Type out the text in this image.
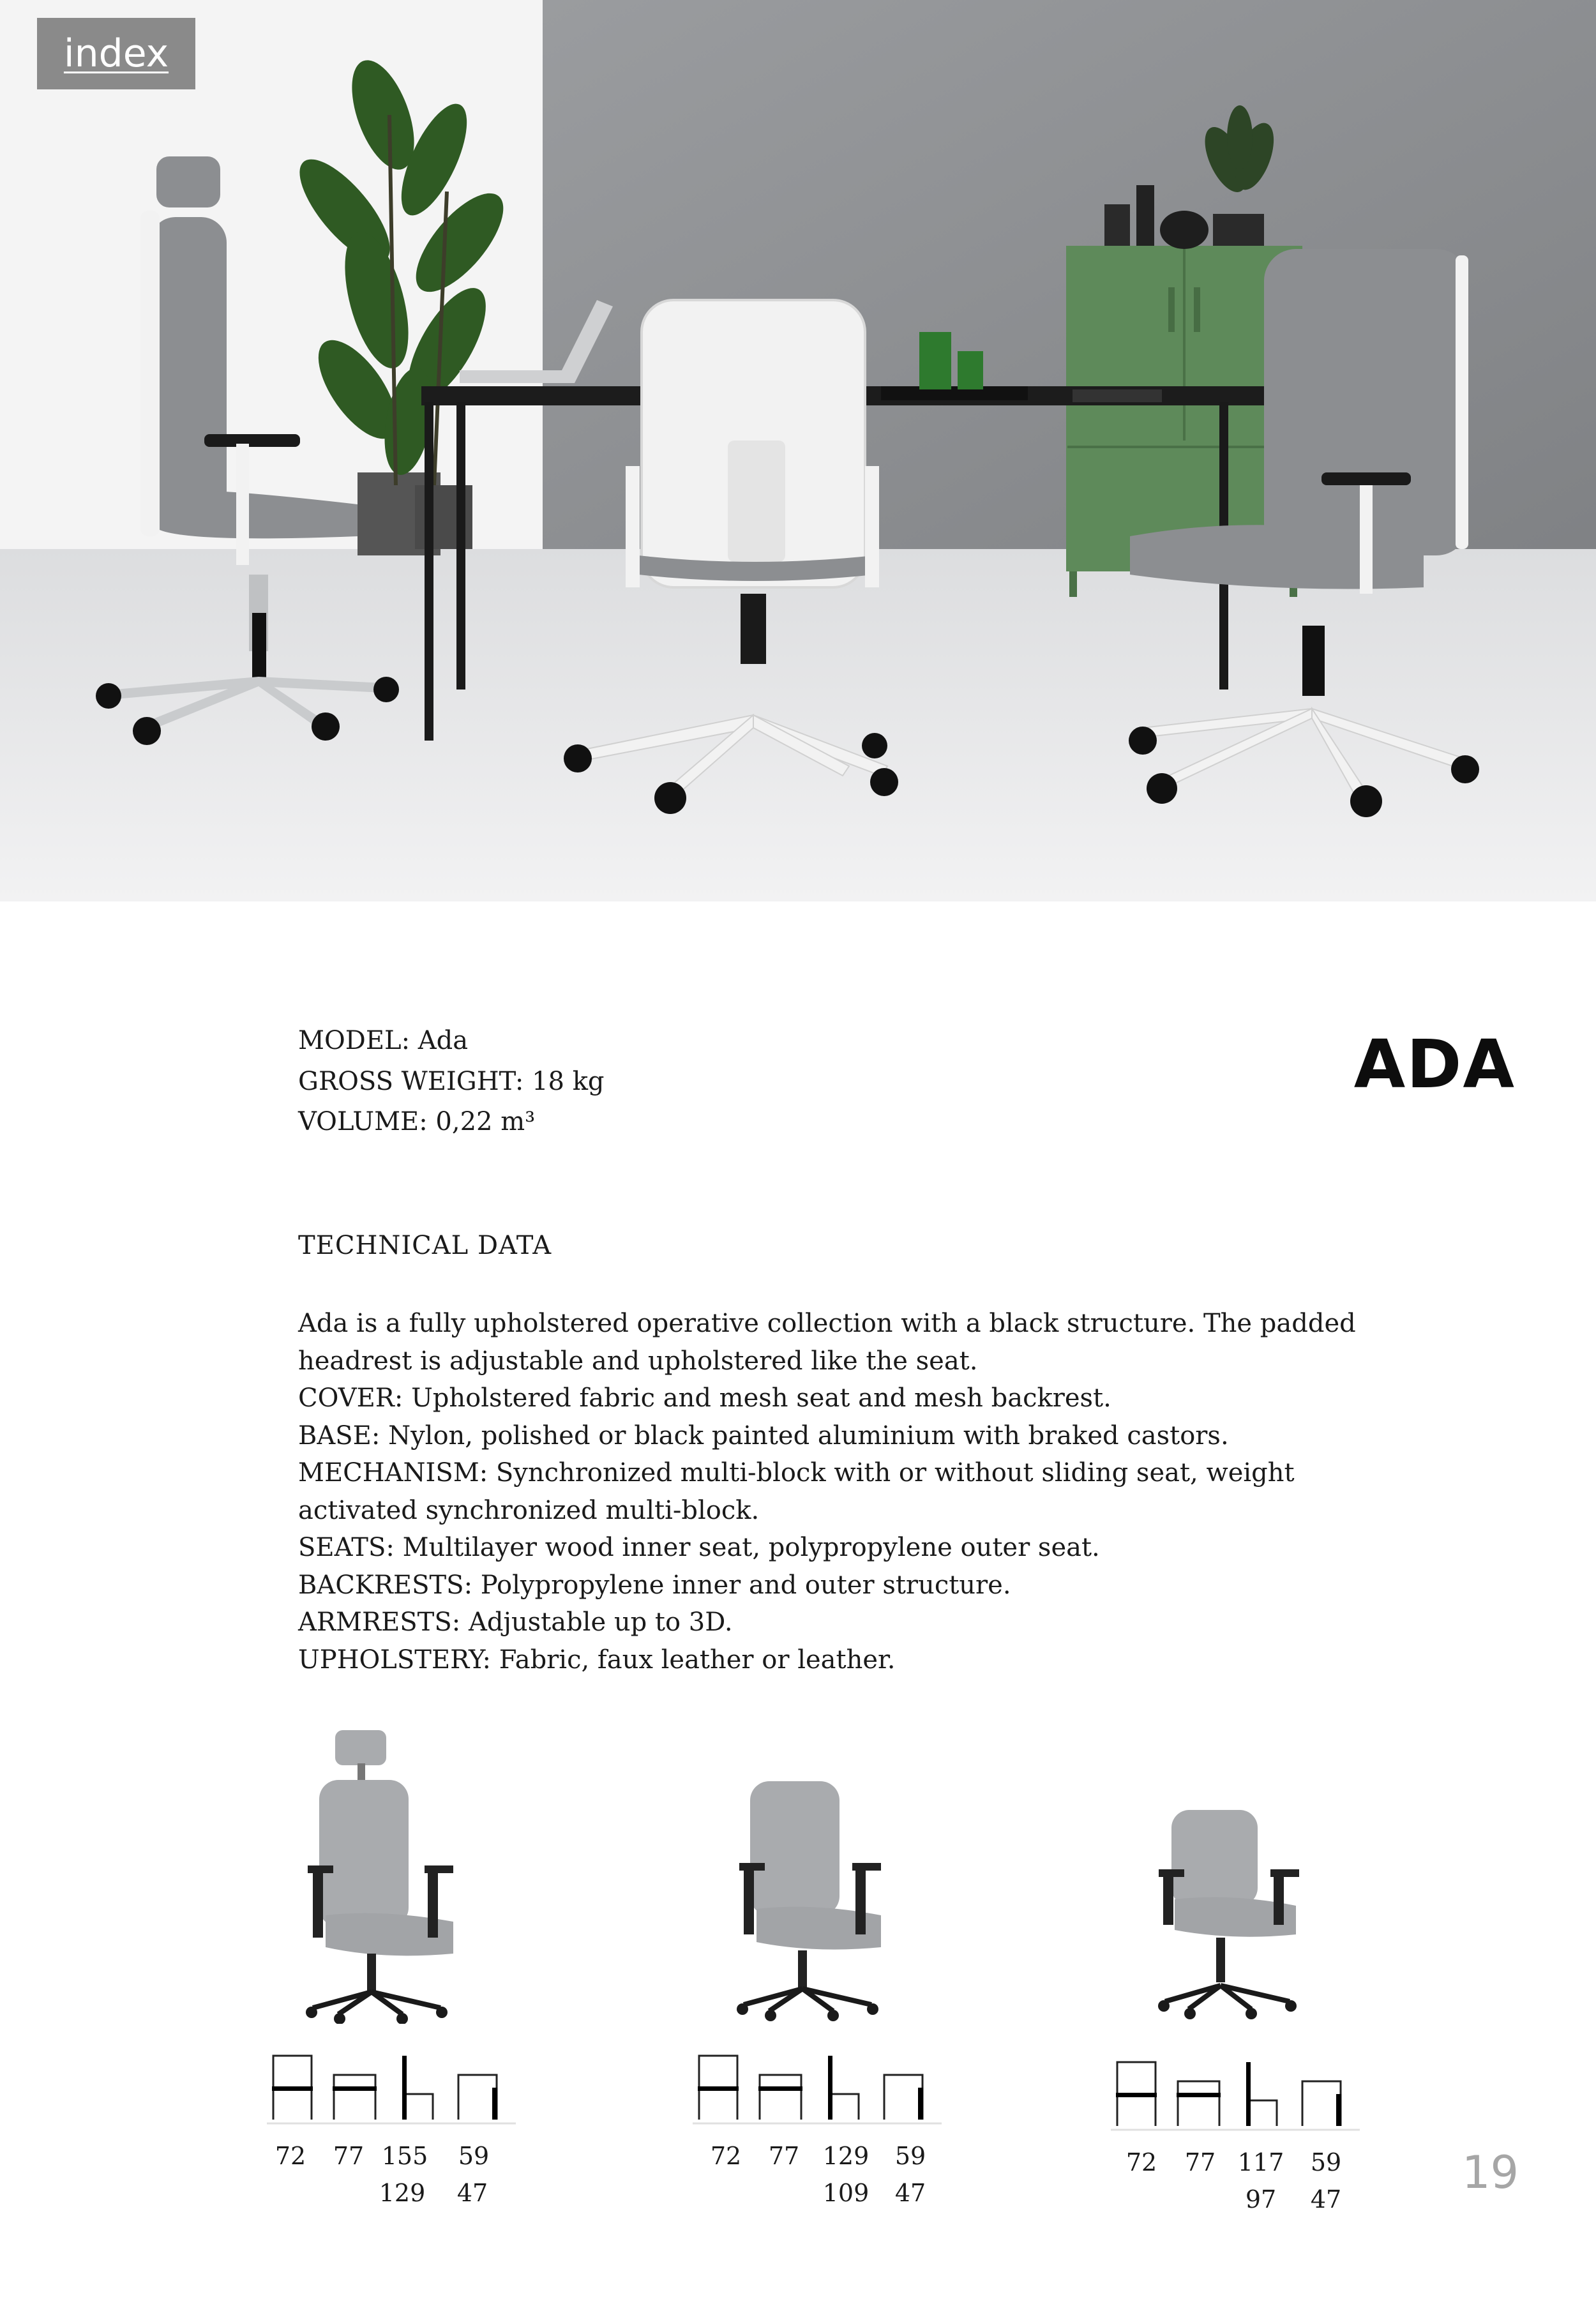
index
MODEL: Ada
GROSS WEIGHT: 18 kg
VOLUME: 0,22 m³
ADA
TECHNICAL DATA

Ada is a fully upholstered operative collection with a black structure. The padded

headrest is adjustable and upholstered like the seat.

COVER: Upholstered fabric and mesh seat and mesh backrest.

BASE: Nylon, polished or black painted aluminium with braked castors.

MECHANISM: Synchronized multi-block with or without sliding seat, weight

activated synchronized multi-block.

SEATS: Multilayer wood inner seat, polypropylene outer seat.

BACKRESTS: Polypropylene inner and outer structure.

ARMRESTS: Adjustable up to 3D.

UPHOLSTERY: Fabric, faux leather or leather.

72 77 155 59
129 47
72 77 129 59
109 47
72 77 117 59
97 47
19
